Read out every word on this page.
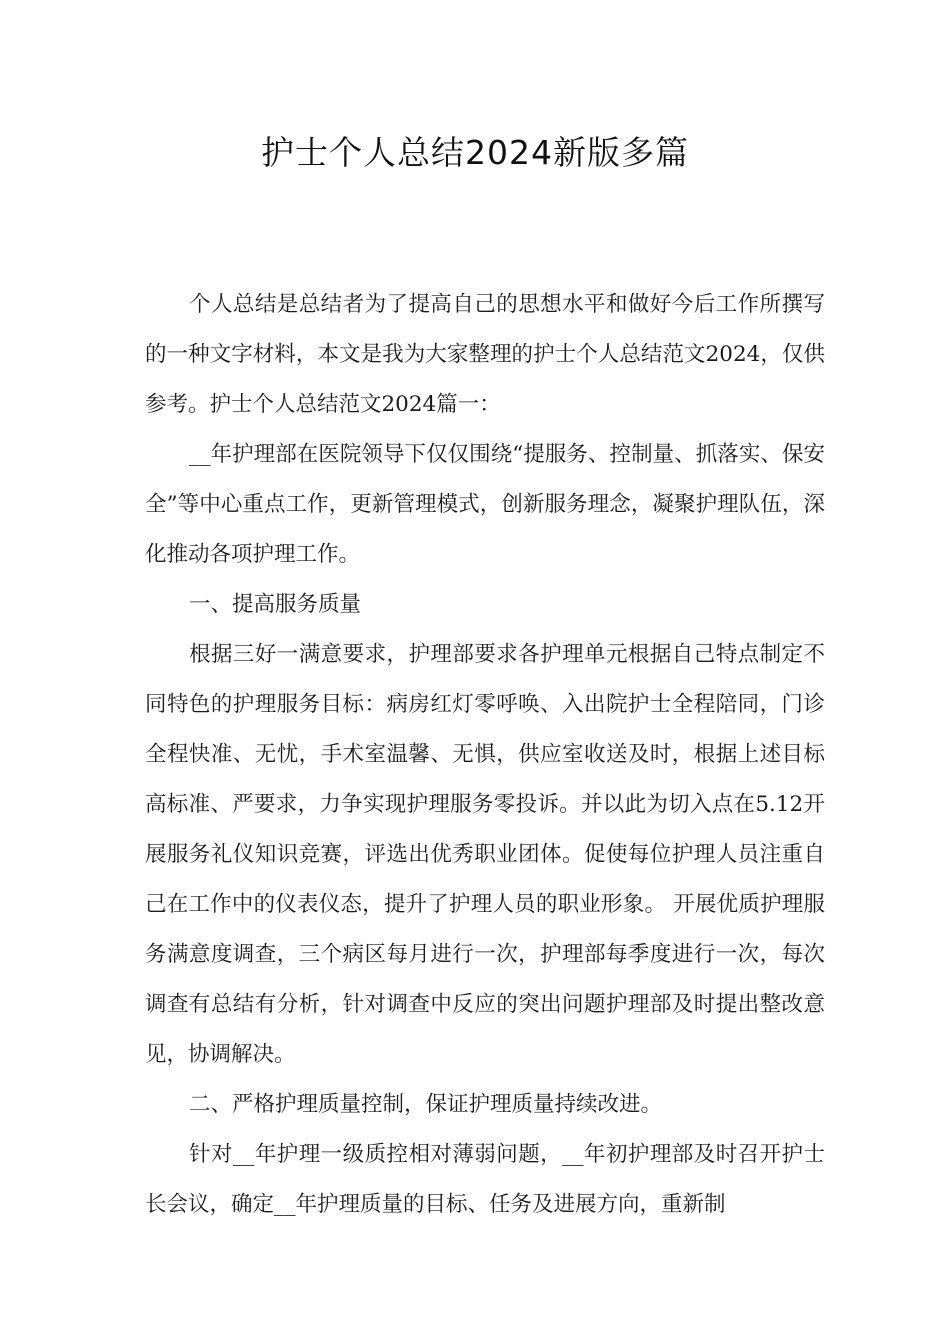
护士个人总结2024新版多篇

个人总结是总结者为了提高自己的思想水平和做好今后工作所撰写的一种文字材料，本文是我为大家整理的护士个人总结范文2024，仅供参考。护士个人总结范文2024篇一：

__年护理部在医院领导下仅仅围绕“提服务、控制量、抓落实、保安全”等中心重点工作，更新管理模式，创新服务理念，凝聚护理队伍，深化推动各项护理工作。

一、提高服务质量

根据三好一满意要求，护理部要求各护理单元根据自己特点制定不同特色的护理服务目标：病房红灯零呼唤、入出院护士全程陪同，门诊全程快准、无忧，手术室温馨、无惧，供应室收送及时，根据上述目标高标准、严要求，力争实现护理服务零投诉。并以此为切入点在5.12开展服务礼仪知识竞赛，评选出优秀职业团体。促使每位护理人员注重自己在工作中的仪表仪态，提升了护理人员的职业形象。 开展优质护理服务满意度调查，三个病区每月进行一次，护理部每季度进行一次，每次调查有总结有分析，针对调查中反应的突出问题护理部及时提出整改意见，协调解决。

二、严格护理质量控制，保证护理质量持续改进。

针对__年护理一级质控相对薄弱问题，__年初护理部及时召开护士长会议，确定__年护理质量的目标、任务及进展方向，重新制
